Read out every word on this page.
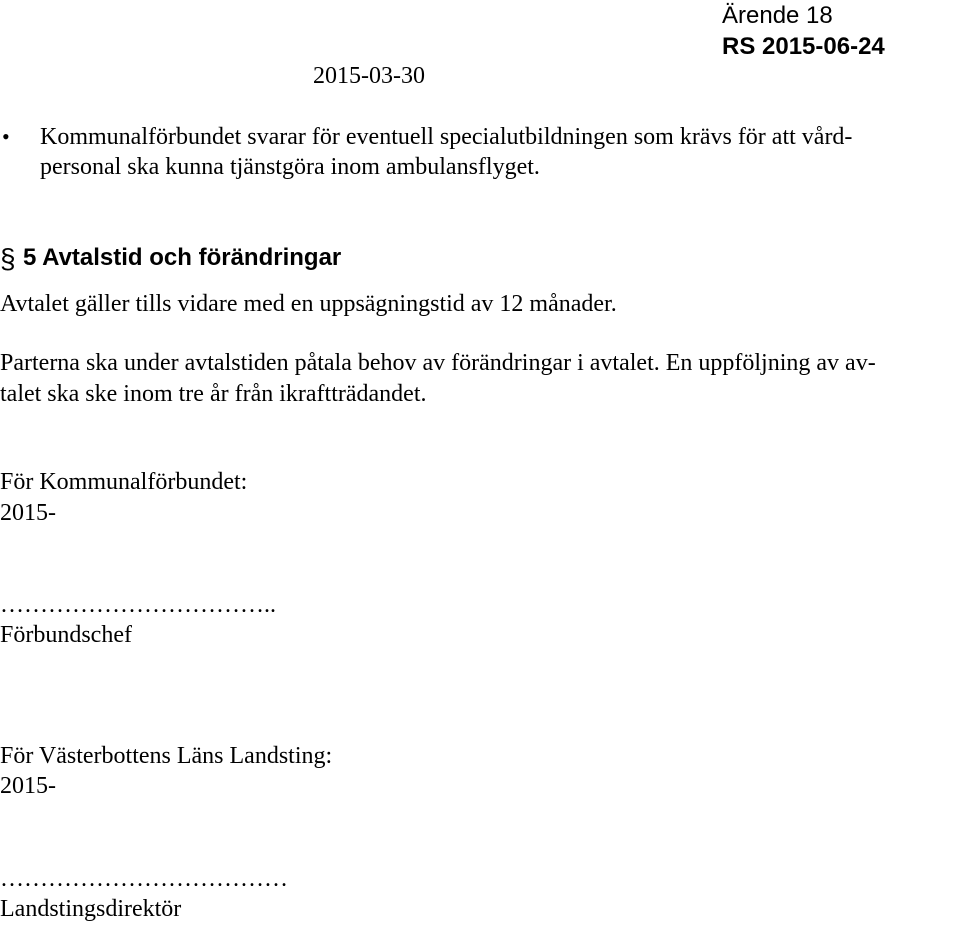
Ärende 18
RS 2015-06-24
2015-03-30
• Kommunalförbundet svarar för eventuell specialutbildningen som krävs för att vård-
personal ska kunna tjänstgöra inom ambulansflyget.
§ 5 Avtalstid och förändringar
Avtalet gäller tills vidare med en uppsägningstid av 12 månader.
Parterna ska under avtalstiden påtala behov av förändringar i avtalet. En uppföljning av av-
talet ska ske inom tre år från ikraftträdandet.
För Kommunalförbundet:
2015-
……………………………..
Förbundschef
För Västerbottens Läns Landsting:
2015-
………………………………
Landstingsdirektör
